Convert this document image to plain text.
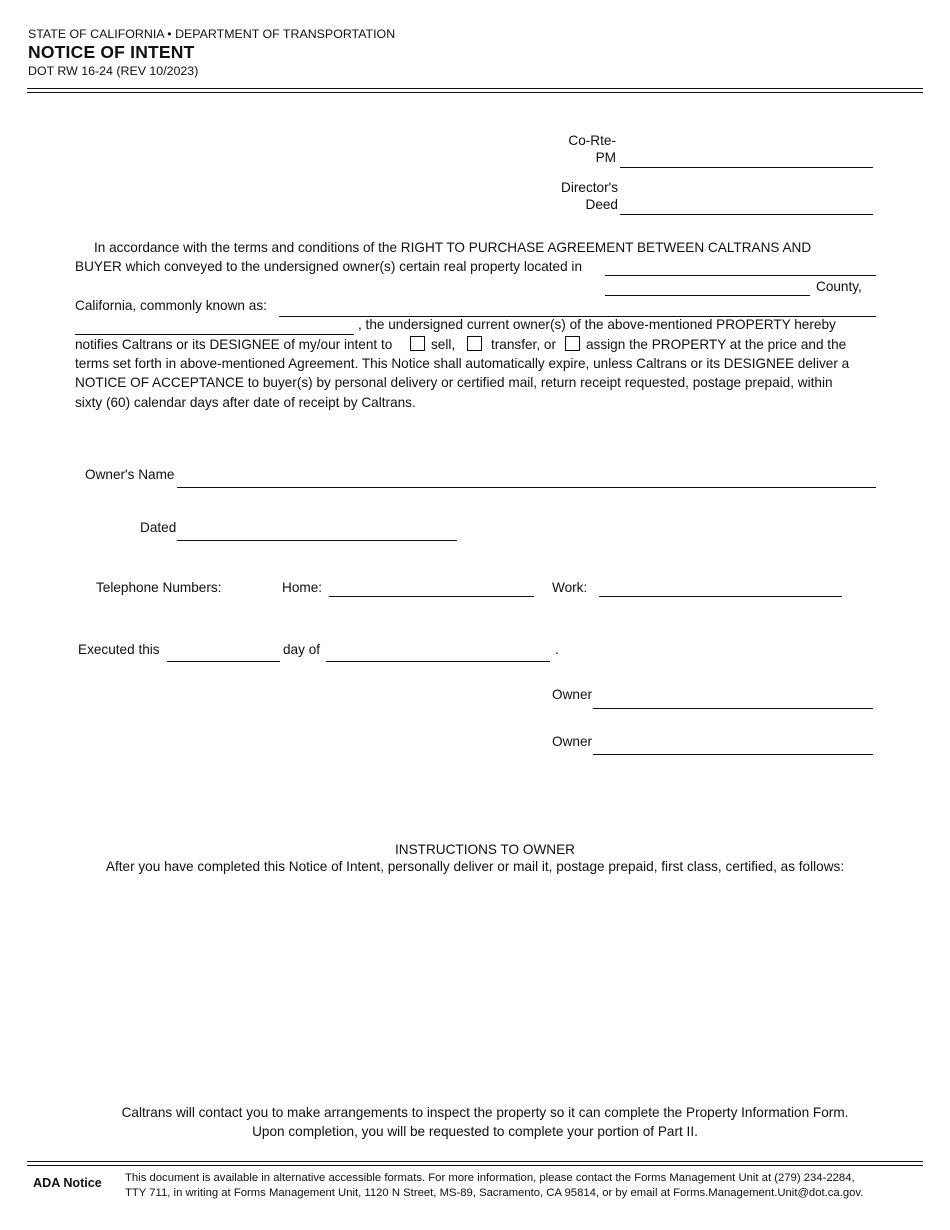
STATE OF CALIFORNIA • DEPARTMENT OF TRANSPORTATION
NOTICE OF INTENT
DOT RW 16-24 (REV 10/2023)
Co-Rte-
PM
Director's
Deed
In accordance with the terms and conditions of the RIGHT TO PURCHASE AGREEMENT BETWEEN CALTRANS AND
BUYER which conveyed to the undersigned owner(s) certain real property located in
County,
California, commonly known as:
, the undersigned current owner(s) of the above-mentioned PROPERTY hereby
notifies Caltrans or its DESIGNEE of my/our intent to	sell,	transfer, or assign the PROPERTY at the price and the
terms set forth in above-mentioned Agreement. This Notice shall automatically expire, unless Caltrans or its DESIGNEE deliver a
NOTICE OF ACCEPTANCE to buyer(s) by personal delivery or certified mail, return receipt requested, postage prepaid, within
sixty (60) calendar days after date of receipt by Caltrans.
Owner's Name
Dated
Telephone Numbers:	Home:	Work:
Executed this	day of	.
Owner
Owner
INSTRUCTIONS TO OWNER
After you have completed this Notice of Intent, personally deliver or mail it, postage prepaid, first class, certified, as follows:
Caltrans will contact you to make arrangements to inspect the property so it can complete the Property Information Form.
Upon completion, you will be requested to complete your portion of Part II.
ADA Notice This document is available in alternative accessible formats. For more information, please contact the Forms Management Unit at (279) 234-2284,
TTY 711, in writing at Forms Management Unit, 1120 N Street, MS-89, Sacramento, CA 95814, or by email at Forms.Management.Unit@dot.ca.gov.
